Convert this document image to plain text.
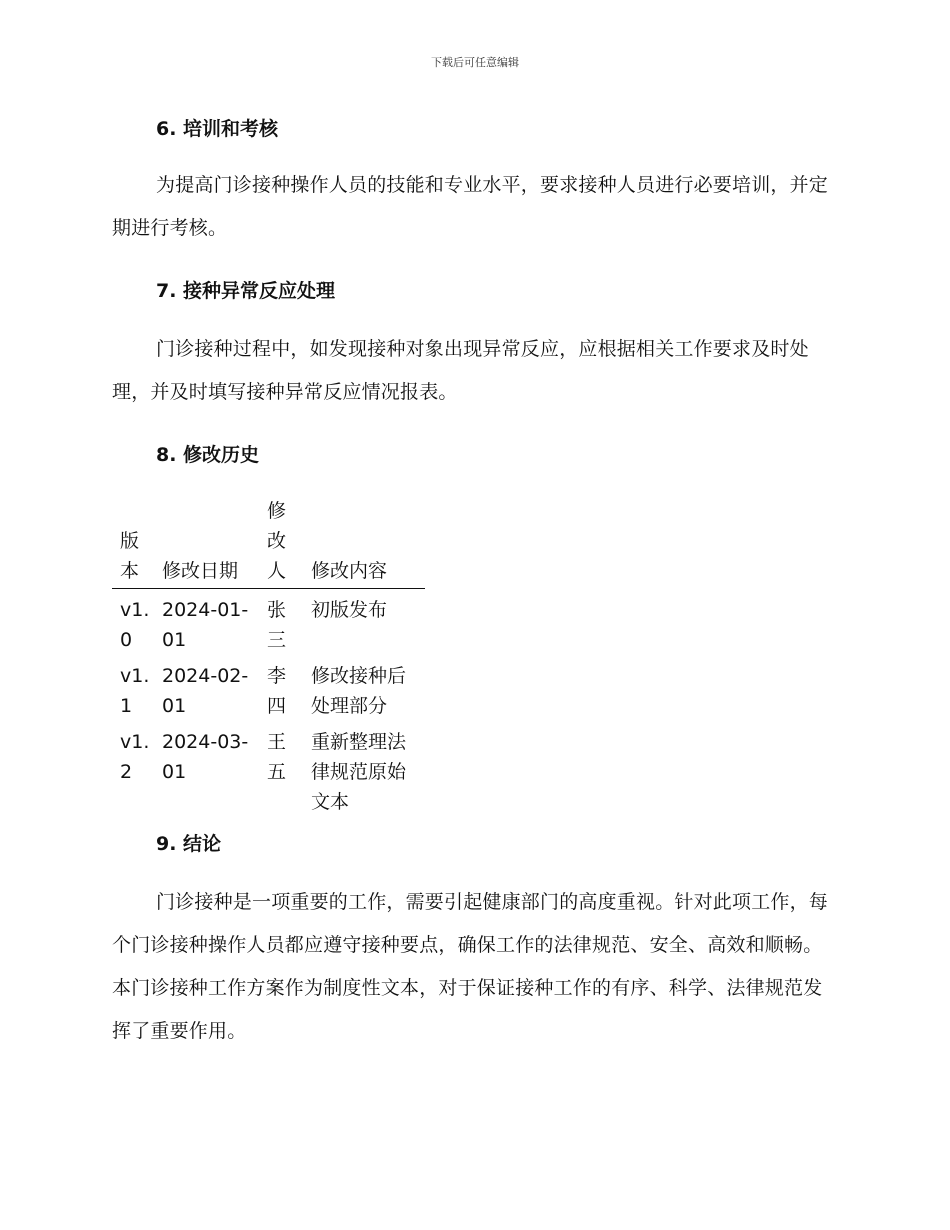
下载后可任意编辑
6. 培训和考核

为提高门诊接种操作人员的技能和专业水平，要求接种人员进行必要培训，并定期进行考核。

7. 接种异常反应处理

门诊接种过程中，如发现接种对象出现异常反应，应根据相关工作要求及时处理，并及时填写接种异常反应情况报表。

8. 修改历史
版本	修改日期	修改人	修改内容
v1.0	2024-01-01	张三	初版发布
v1.1	2024-02-01	李四	修改接种后处理部分
v1.2	2024-03-01	王五	重新整理法律规范原始文本
9. 结论

门诊接种是一项重要的工作，需要引起健康部门的高度重视。针对此项工作，每个门诊接种操作人员都应遵守接种要点，确保工作的法律规范、安全、高效和顺畅。本门诊接种工作方案作为制度性文本，对于保证接种工作的有序、科学、法律规范发挥了重要作用。
